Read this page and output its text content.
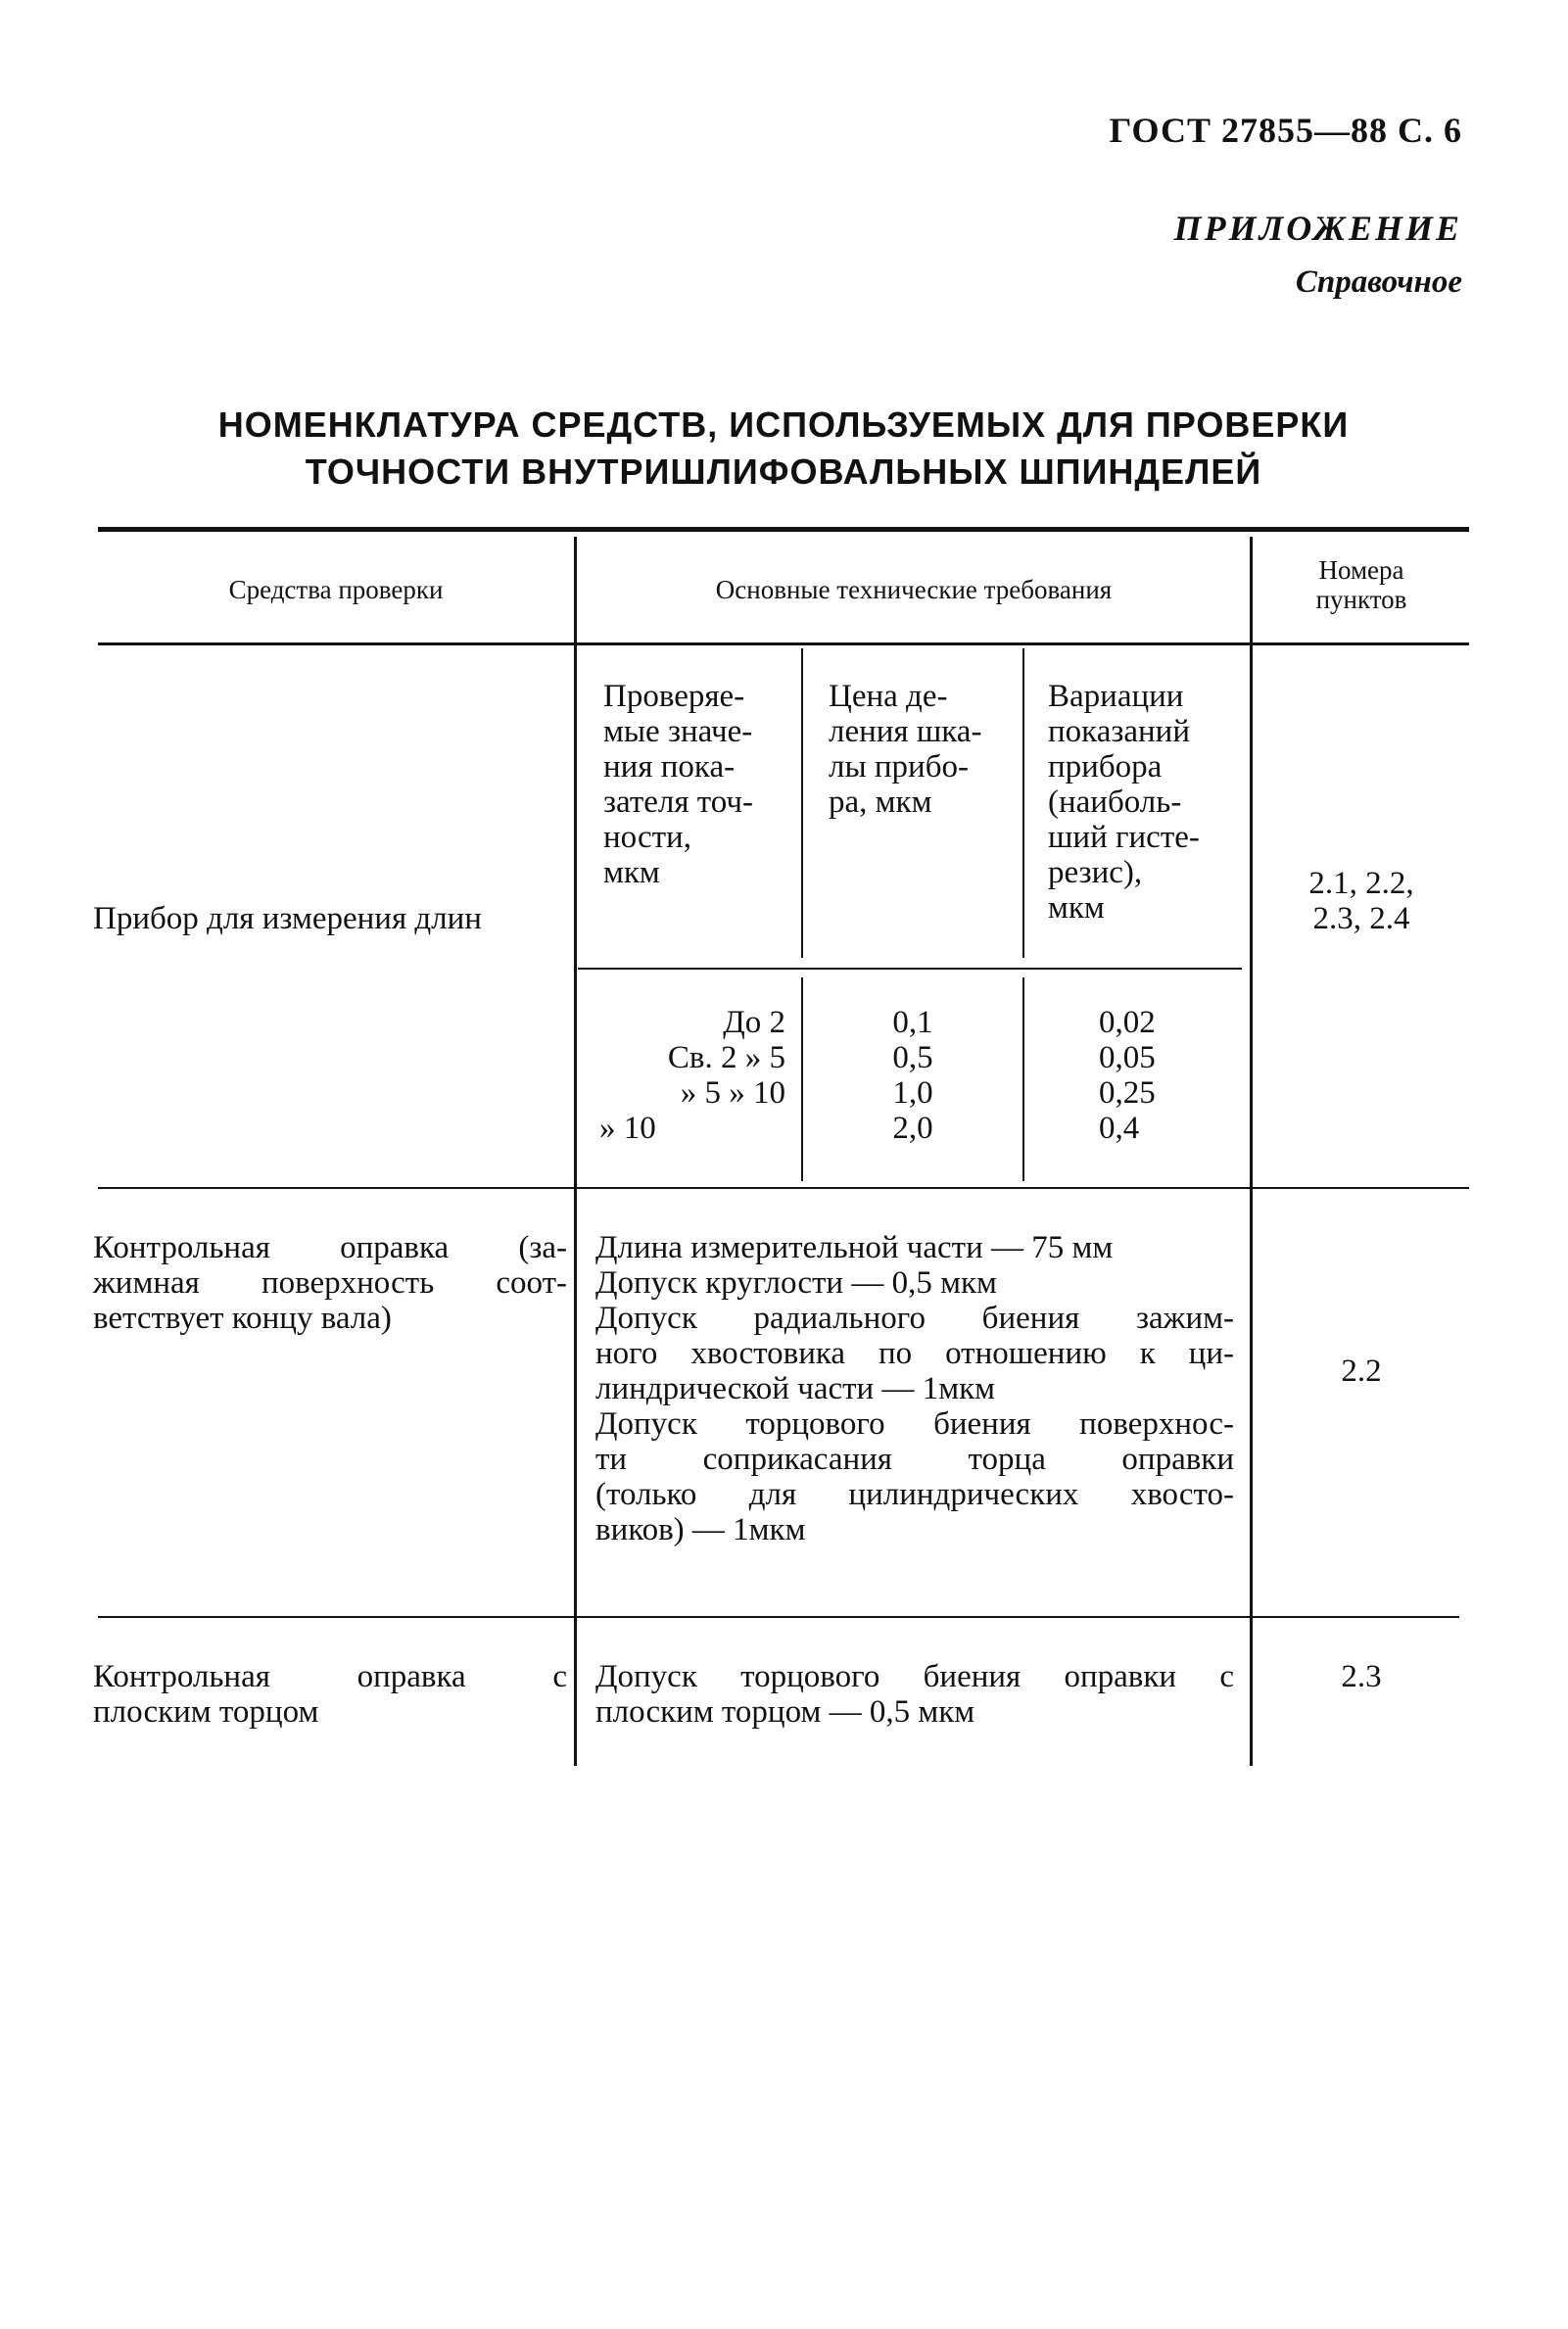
ГОСТ 27855—88 С. 6
ПРИЛОЖЕНИЕ
Справочное
НОМЕНКЛАТУРА СРЕДСТВ, ИСПОЛЬЗУЕМЫХ ДЛЯ ПРОВЕРКИ
ТОЧНОСТИ ВНУТРИШЛИФОВАЛЬНЫХ ШПИНДЕЛЕЙ
Средства проверки	Основные технические требования
Номера
пунктов
Прибор для измерения длин
Проверяе-
мые значе-
ния пока-
зателя точ-
ности,
мкм
Цена де-
ления шка-
лы прибо-
ра, мкм
Вариации
показаний
прибора
(наиболь-
ший гисте-
резис),
мкм
До 2
Св. 2 » 5
» 5 » 10
» 10
0,1
0,5
1,0
2,0
0,02
0,05
0,25
0,4
2.1, 2.2,
2.3, 2.4
Контрольная оправка (за-
жимная поверхность соот-
ветствует концу вала)
Длина измерительной части — 75 мм
Допуск круглости — 0,5 мкм
Допуск радиального биения зажим-
ного хвостовика по отношению к ци-
линдрической части — 1мкм
Допуск торцового биения поверхнос-
ти соприкасания торца оправки
(только для цилиндрических хвосто-
виков) — 1мкм
2.2
Контрольная оправка с
плоским торцом
Допуск торцового биения оправки с
плоским торцом — 0,5 мкм
2.3
